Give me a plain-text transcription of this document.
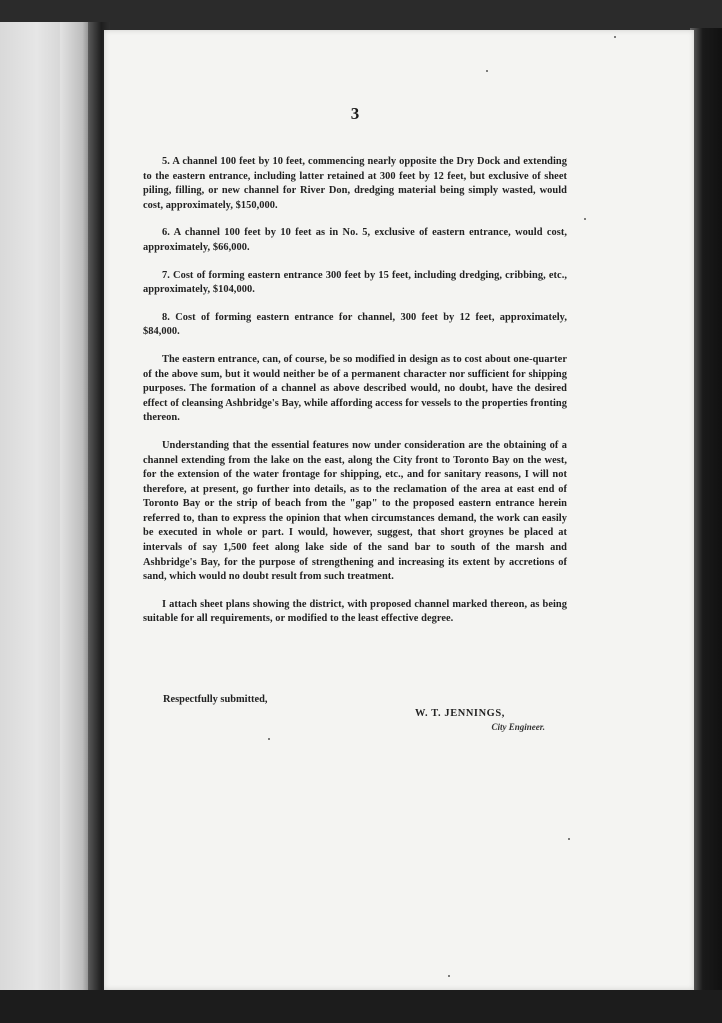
3

5. A channel 100 feet by 10 feet, commencing nearly opposite the Dry Dock and extending to the eastern entrance, including latter retained at 300 feet by 12 feet, but exclusive of sheet piling, filling, or new channel for River Don, dredging material being simply wasted, would cost, approximately, $150,000.

6. A channel 100 feet by 10 feet as in No. 5, exclusive of eastern entrance, would cost, approximately, $66,000.

7. Cost of forming eastern entrance 300 feet by 15 feet, including dredging, cribbing, etc., approximately, $104,000.

8. Cost of forming eastern entrance for channel, 300 feet by 12 feet, approximately, $84,000.

The eastern entrance, can, of course, be so modified in design as to cost about one-quarter of the above sum, but it would neither be of a permanent character nor sufficient for shipping purposes. The formation of a channel as above described would, no doubt, have the desired effect of cleansing Ashbridge's Bay, while affording access for vessels to the properties fronting thereon.

Understanding that the essential features now under consideration are the obtaining of a channel extending from the lake on the east, along the City front to Toronto Bay on the west, for the extension of the water frontage for shipping, etc., and for sanitary reasons, I will not therefore, at present, go further into details, as to the reclamation of the area at east end of Toronto Bay or the strip of beach from the "gap" to the proposed eastern entrance herein referred to, than to express the opinion that when circumstances demand, the work can easily be executed in whole or part. I would, however, suggest, that short groynes be placed at intervals of say 1,500 feet along lake side of the sand bar to south of the marsh and Ashbridge's Bay, for the purpose of strengthening and increasing its extent by accretions of sand, which would no doubt result from such treatment.

I attach sheet plans showing the district, with proposed channel marked thereon, as being suitable for all requirements, or modified to the least effective degree.

Respectfully submitted,
W. T. JENNINGS,
City Engineer.
